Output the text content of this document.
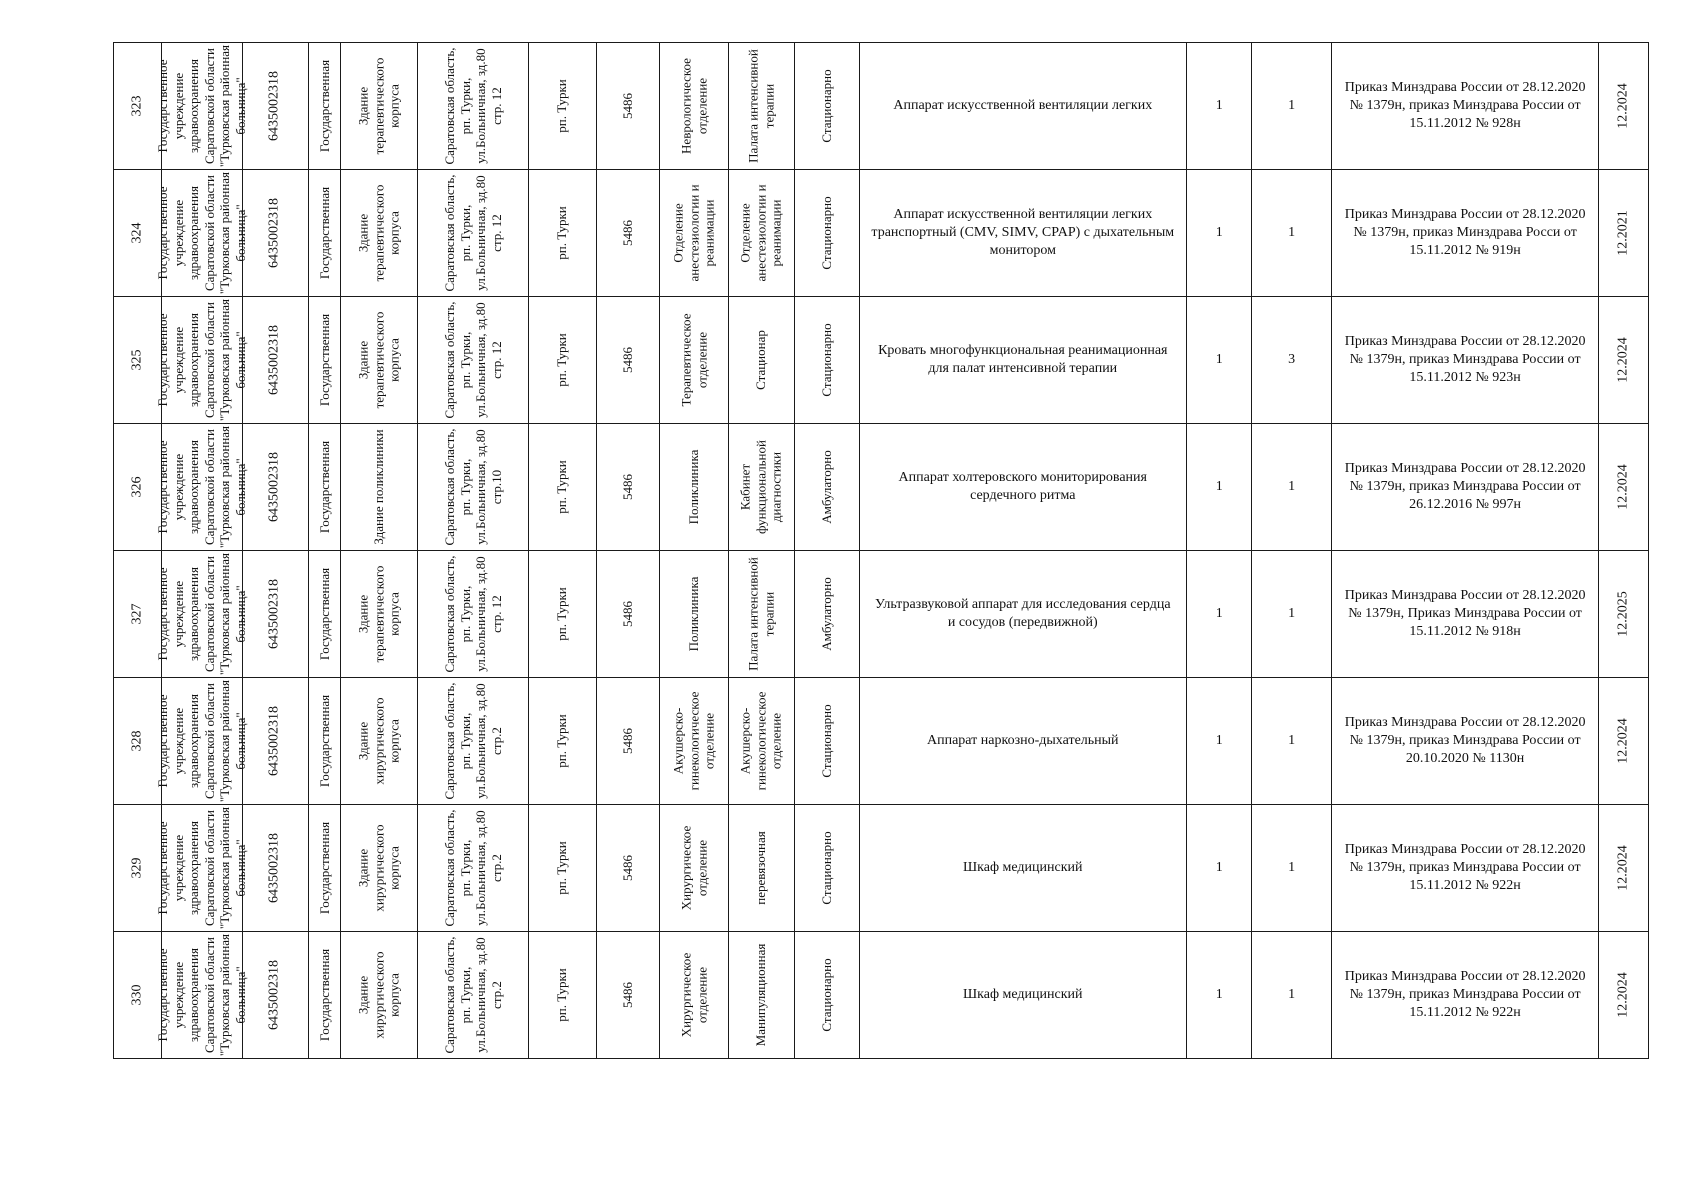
323	Государственное учреждение здравоохранения Саратовской области "Турковская районная больница"	6435002318	Государственная	Здание терапевтического корпуса	Саратовская область, рп. Турки, ул.Больничная, зд.80 стр. 12	рп. Турки	5486	Неврологическое отделение	Палата интенсивной терапии	Стационарно	Аппарат искусственной вентиляции легких	1	1	Приказ Минздрава России от 28.12.2020 № 1379н, приказ Минздрава России от 15.11.2012 № 928н	12.2024

324	Государственное учреждение здравоохранения Саратовской области "Турковская районная больница"	6435002318	Государственная	Здание терапевтического корпуса	Саратовская область, рп. Турки, ул.Больничная, зд.80 стр. 12	рп. Турки	5486	Отделение анестезиологии и реанимации	Отделение анестезиологии и реанимации	Стационарно	Аппарат искусственной вентиляции легких транспортный (CMV, SIMV, CPAP) с дыхательным монитором	1	1	Приказ Минздрава России от 28.12.2020 № 1379н, приказ Минздрава Росси от 15.11.2012 № 919н	12.2021

325	Государственное учреждение здравоохранения Саратовской области "Турковская районная больница"	6435002318	Государственная	Здание терапевтического корпуса	Саратовская область, рп. Турки, ул.Больничная, зд.80 стр. 12	рп. Турки	5486	Терапевтическое отделение	Стационар	Стационарно	Кровать многофункциональная реанимационная для палат интенсивной терапии	1	3	Приказ Минздрава России от 28.12.2020 № 1379н, приказ Минздрава России от 15.11.2012 № 923н	12.2024

326	Государственное учреждение здравоохранения Саратовской области "Турковская районная больница"	6435002318	Государственная	Здание поликлиники	Саратовская область, рп. Турки, ул.Больничная, зд.80 стр.10	рп. Турки	5486	Поликлиника	Кабинет функциональной диагностики	Амбулаторно	Аппарат холтеровского мониторирования сердечного ритма	1	1	Приказ Минздрава России от 28.12.2020 № 1379н, приказ Минздрава России от 26.12.2016 № 997н	12.2024

327	Государственное учреждение здравоохранения Саратовской области "Турковская районная больница"	6435002318	Государственная	Здание терапевтического корпуса	Саратовская область, рп. Турки, ул.Больничная, зд.80 стр. 12	рп. Турки	5486	Поликлиника	Палата интенсивной терапии	Амбулаторно	Ультразвуковой аппарат для исследования сердца и сосудов (передвижной)	1	1	Приказ Минздрава России от 28.12.2020 № 1379н, Приказ Минздрава России от 15.11.2012 № 918н	12.2025

328	Государственное учреждение здравоохранения Саратовской области "Турковская районная больница"	6435002318	Государственная	Здание хирургического корпуса	Саратовская область, рп. Турки, ул.Больничная, зд.80 стр.2	рп. Турки	5486	Акушерско-гинекологическое отделение	Акушерско-гинекологическое отделение	Стационарно	Аппарат наркозно-дыхательный	1	1	Приказ Минздрава России от 28.12.2020 № 1379н, приказ Минздрава России от 20.10.2020 № 1130н	12.2024

329	Государственное учреждение здравоохранения Саратовской области "Турковская районная больница"	6435002318	Государственная	Здание хирургического корпуса	Саратовская область, рп. Турки, ул.Больничная, зд.80 стр.2	рп. Турки	5486	Хирургическое отделение	перевязочная	Стационарно	Шкаф медицинский	1	1	Приказ Минздрава России от 28.12.2020 № 1379н, приказ Минздрава России от 15.11.2012 № 922н	12.2024

330	Государственное учреждение здравоохранения Саратовской области "Турковская районная больница"	6435002318	Государственная	Здание хирургического корпуса	Саратовская область, рп. Турки, ул.Больничная, зд.80 стр.2	рп. Турки	5486	Хирургическое отделение	Манипуляционная	Стационарно	Шкаф медицинский	1	1	Приказ Минздрава России от 28.12.2020 № 1379н, приказ Минздрава России от 15.11.2012 № 922н	12.2024
